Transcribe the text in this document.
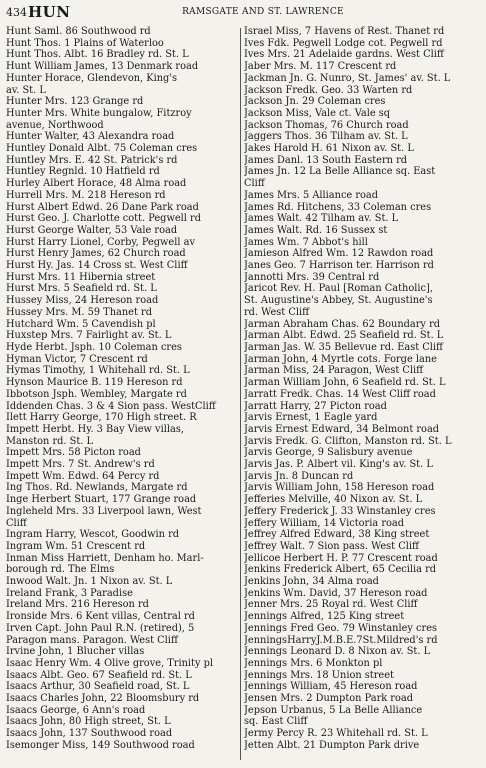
434 HUN	RAMSGATE AND ST. LAWRENCE
Hunt Saml. 86 Southwood rd
Hunt Thos. 1 Plains of Waterloo
Hunt Thos. Albt. 16 Bradley rd. St. L
Hunt William James, 13 Denmark road
Hunter Horace, Glendevon, King's
av. St. L
Hunter Mrs. 123 Grange rd
Hunter Mrs. White bungalow, Fitzroy
avenue, Northwood
Hunter Walter, 43 Alexandra road
Huntley Donald Albt. 75 Coleman cres
Huntley Mrs. E. 42 St. Patrick's rd
Huntley Regnld. 10 Hatfield rd
Hurley Albert Horace, 48 Alma road
Hurrell Mrs. M. 218 Hereson rd
Hurst Albert Edwd. 26 Dane Park road
Hurst Geo. J. Charlotte cott. Pegwell rd
Hurst George Walter, 53 Vale road
Hurst Harry Lionel, Corby, Pegwell av
Hurst Henry James, 62 Church road
Hurst Hy. Jas. 14 Cross st. West Cliff
Hurst Mrs. 11 Hibernia street
Hurst Mrs. 5 Seafield rd. St. L
Hussey Miss, 24 Hereson road
Hussey Mrs. M. 59 Thanet rd
Hutchard Wm. 5 Cavendish pl
Huxstep Mrs. 7 Fairlight av. St. L
Hyde Herbt. Jsph. 10 Coleman cres
Hyman Victor, 7 Crescent rd
Hymas Timothy, 1 Whitehall rd. St. L
Hynson Maurice B. 119 Hereson rd
Ibbotson Jsph. Wembley, Margate rd
Iddenden Chas. 3 & 4 Sion pass. WestCliff
Ilett Harry George, 170 High street. R
Impett Herbt. Hy. 3 Bay View villas,
Manston rd. St. L
Impett Mrs. 58 Picton road
Impett Mrs. 7 St. Andrew's rd
Impett Wm. Edwd. 64 Percy rd
Ing Thos. Rd. Newlands, Margate rd
Inge Herbert Stuart, 177 Grange road
Ingleheld Mrs. 33 Liverpool lawn, West
Cliff
Ingram Harry, Wescot, Goodwin rd
Ingram Wm. 51 Crescent rd
Inman Miss Harriett, Denham ho. Marl-
borough rd. The Elms
Inwood Walt. Jn. 1 Nixon av. St. L
Ireland Frank, 3 Paradise
Ireland Mrs. 216 Hereson rd
Ironside Mrs. 6 Kent villas, Central rd
Irven Capt. John Paul R.N. (retired), 5
Paragon mans. Paragon. West Cliff
Irvine John, 1 Blucher villas
Isaac Henry Wm. 4 Olive grove, Trinity pl
Isaacs Albt. Geo. 67 Seafield rd. St. L
Isaacs Arthur, 30 Seafield road, St. L
Isaacs Charles John, 22 Bloomsbury rd
Isaacs George, 6 Ann's road
Isaacs John, 80 High street, St. L
Isaacs John, 137 Southwood road
Isemonger Miss, 149 Southwood road
Israel Miss, 7 Havens of Rest. Thanet rd
Ives Fdk. Pegwell Lodge cot. Pegwell rd
Ives Mrs. 21 Adelaide gardns. West Cliff
Jaber Mrs. M. 117 Crescent rd
Jackman Jn. G. Nunro, St. James' av. St. L
Jackson Fredk. Geo. 33 Warten rd
Jackson Jn. 29 Coleman cres
Jackson Miss, Vale ct. Vale sq
Jackson Thomas, 76 Church road
Jaggers Thos. 36 Tilham av. St. L
Jakes Harold H. 61 Nixon av. St. L
James Danl. 13 South Eastern rd
James Jn. 12 La Belle Alliance sq. East
Cliff
James Mrs. 5 Alliance road
James Rd. Hitchens, 33 Coleman cres
James Walt. 42 Tilham av. St. L
James Walt. Rd. 16 Sussex st
James Wm. 7 Abbot's hill
Jamieson Alfred Wm. 12 Rawdon road
Janes Geo. 7 Harrison ter. Harrison rd
Jannotti Mrs. 39 Central rd
Jaricot Rev. H. Paul [Roman Catholic],
St. Augustine's Abbey, St. Augustine's
rd. West Cliff
Jarman Abraham Chas. 62 Boundary rd
Jarman Albt. Edwd. 25 Seafield rd. St. L
Jarman Jas. W. 35 Bellevue rd. East Cliff
Jarman John, 4 Myrtle cots. Forge lane
Jarman Miss, 24 Paragon, West Cliff
Jarman William John, 6 Seafield rd. St. L
Jarratt Fredk. Chas. 14 West Cliff road
Jarratt Harry, 27 Picton road
Jarvis Ernest, 1 Eagle yard
Jarvis Ernest Edward, 34 Belmont road
Jarvis Fredk. G. Clifton, Manston rd. St. L
Jarvis George, 9 Salisbury avenue
Jarvis Jas. P. Albert vil. King's av. St. L
Jarvis Jn. 8 Duncan rd
Jarvis William John, 158 Hereson road
Jefferies Melville, 40 Nixon av. St. L
Jeffery Frederick J. 33 Winstanley cres
Jeffery William, 14 Victoria road
Jeffrey Alfred Edward, 38 King street
Jeffrey Walt. 7 Sion pass. West Cliff
Jellicoe Herbert H. P. 77 Crescent road
Jenkins Frederick Albert, 65 Cecilia rd
Jenkins John, 34 Alma road
Jenkins Wm. David, 37 Hereson road
Jenner Mrs. 25 Royal rd. West Cliff
Jennings Alfred, 125 King street
Jennings Fred Geo. 79 Winstanley cres
JenningsHarryJ.M.B.E.7St.Mildred's rd
Jennings Leonard D. 8 Nixon av. St. L
Jennings Mrs. 6 Monkton pl
Jennings Mrs. 18 Union street
Jennings William, 45 Hereson road
Jensen Mrs. 2 Dumpton Park road
Jepson Urbanus, 5 La Belle Alliance
sq. East Cliff
Jermy Percy R. 23 Whitehall rd. St. L
Jetten Albt. 21 Dumpton Park drive
